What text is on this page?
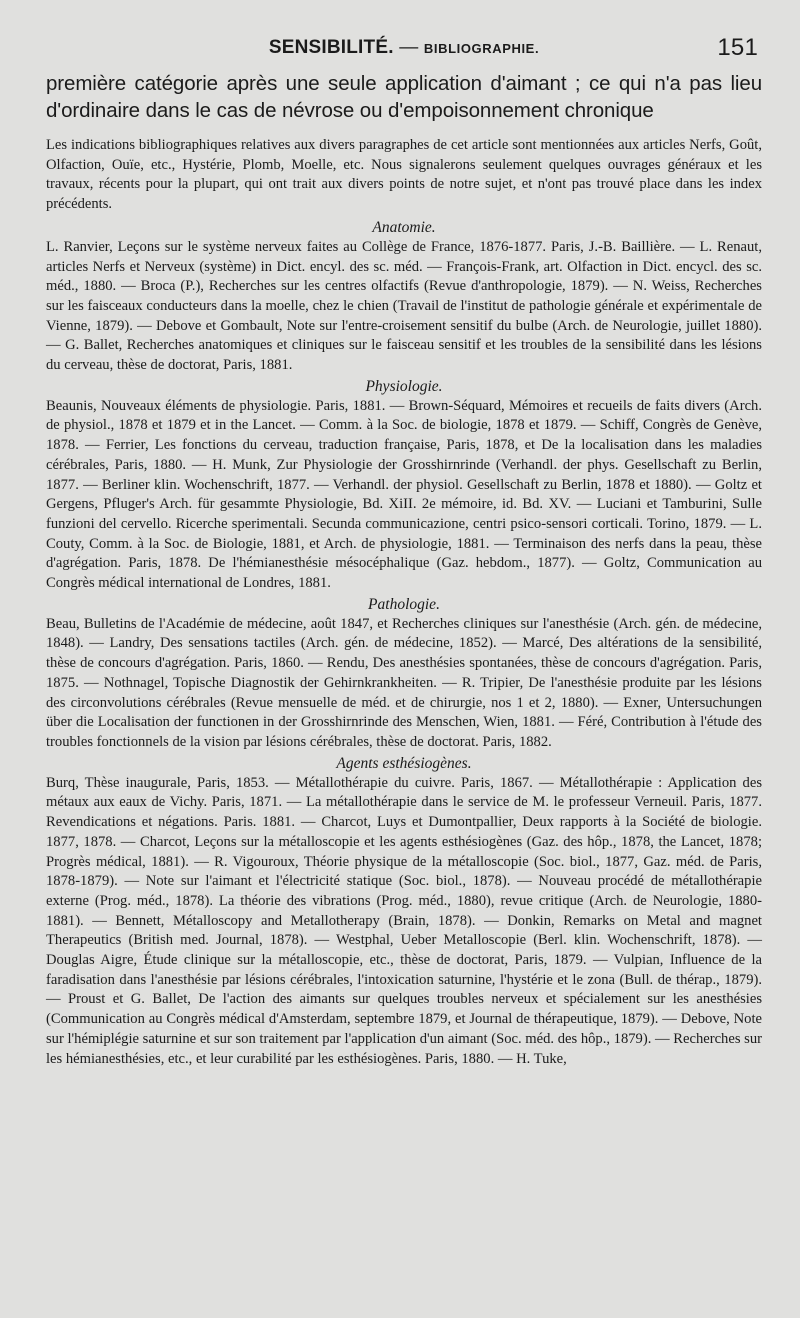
SENSIBILITÉ. — BIBLIOGRAPHIE.	151

première catégorie après une seule application d'aimant ; ce qui n'a pas lieu d'ordinaire dans le cas de névrose ou d'empoisonnement chronique

Les indications bibliographiques relatives aux divers paragraphes de cet article sont mentionnées aux articles Nerfs, Goût, Olfaction, Ouïe, etc., Hystérie, Plomb, Moelle, etc. Nous signalerons seulement quelques ouvrages généraux et les travaux, récents pour la plupart, qui ont trait aux divers points de notre sujet, et n'ont pas trouvé place dans les index précédents.

Anatomie.

L. Ranvier, Leçons sur le système nerveux faites au Collège de France, 1876-1877. Paris, J.-B. Baillière. — L. Renaut, articles Nerfs et Nerveux (système) in Dict. encyl. des sc. méd. — François-Frank, art. Olfaction in Dict. encycl. des sc. méd., 1880. — Broca (P.), Recherches sur les centres olfactifs (Revue d'anthropologie, 1879). — N. Weiss, Recherches sur les faisceaux conducteurs dans la moelle, chez le chien (Travail de l'institut de pathologie générale et expérimentale de Vienne, 1879). — Debove et Gombault, Note sur l'entre-croisement sensitif du bulbe (Arch. de Neurologie, juillet 1880). — G. Ballet, Recherches anatomiques et cliniques sur le faisceau sensitif et les troubles de la sensibilité dans les lésions du cerveau, thèse de doctorat, Paris, 1881.

Physiologie.

Beaunis, Nouveaux éléments de physiologie. Paris, 1881. — Brown-Séquard, Mémoires et recueils de faits divers (Arch. de physiol., 1878 et 1879 et in the Lancet. — Comm. à la Soc. de biologie, 1878 et 1879. — Schiff, Congrès de Genève, 1878. — Ferrier, Les fonctions du cerveau, traduction française, Paris, 1878, et De la localisation dans les maladies cérébrales, Paris, 1880. — H. Munk, Zur Physiologie der Grosshirnrinde (Verhandl. der phys. Gesellschaft zu Berlin, 1877. — Berliner klin. Wochenschrift, 1877. — Verhandl. der physiol. Gesellschaft zu Berlin, 1878 et 1880). — Goltz et Gergens, Pfluger's Arch. für gesammte Physiologie, Bd. XiII. 2e mémoire, id. Bd. XV. — Luciani et Tamburini, Sulle funzioni del cervello. Ricerche sperimentali. Secunda communicazione, centri psico-sensori corticali. Torino, 1879. — L. Couty, Comm. à la Soc. de Biologie, 1881, et Arch. de physiologie, 1881. — Terminaison des nerfs dans la peau, thèse d'agrégation. Paris, 1878. De l'hémianesthésie mésocéphalique (Gaz. hebdom., 1877). — Goltz, Communication au Congrès médical international de Londres, 1881.

Pathologie.

Beau, Bulletins de l'Académie de médecine, août 1847, et Recherches cliniques sur l'anesthésie (Arch. gén. de médecine, 1848). — Landry, Des sensations tactiles (Arch. gén. de médecine, 1852). — Marcé, Des altérations de la sensibilité, thèse de concours d'agrégation. Paris, 1860. — Rendu, Des anesthésies spontanées, thèse de concours d'agrégation. Paris, 1875. — Nothnagel, Topische Diagnostik der Gehirnkrankheiten. — R. Tripier, De l'anesthésie produite par les lésions des circonvolutions cérébrales (Revue mensuelle de méd. et de chirurgie, nos 1 et 2, 1880). — Exner, Untersuchungen über die Localisation der functionen in der Grosshirnrinde des Menschen, Wien, 1881. — Féré, Contribution à l'étude des troubles fonctionnels de la vision par lésions cérébrales, thèse de doctorat. Paris, 1882.

Agents esthésiogènes.

Burq, Thèse inaugurale, Paris, 1853. — Métallothérapie du cuivre. Paris, 1867. — Métallothérapie : Application des métaux aux eaux de Vichy. Paris, 1871. — La métallothérapie dans le service de M. le professeur Verneuil. Paris, 1877. Revendications et négations. Paris. 1881. — Charcot, Luys et Dumontpallier, Deux rapports à la Société de biologie. 1877, 1878. — Charcot, Leçons sur la métalloscopie et les agents esthésiogènes (Gaz. des hôp., 1878, the Lancet, 1878; Progrès médical, 1881). — R. Vigouroux, Théorie physique de la métalloscopie (Soc. biol., 1877, Gaz. méd. de Paris, 1878-1879). — Note sur l'aimant et l'électricité statique (Soc. biol., 1878). — Nouveau procédé de métallothérapie externe (Prog. méd., 1878). La théorie des vibrations (Prog. méd., 1880), revue critique (Arch. de Neurologie, 1880-1881). — Bennett, Métalloscopy and Metallotherapy (Brain, 1878). — Donkin, Remarks on Metal and magnet Therapeutics (British med. Journal, 1878). — Westphal, Ueber Metalloscopie (Berl. klin. Wochenschrift, 1878). — Douglas Aigre, Étude clinique sur la métalloscopie, etc., thèse de doctorat, Paris, 1879. — Vulpian, Influence de la faradisation dans l'anesthésie par lésions cérébrales, l'intoxication saturnine, l'hystérie et le zona (Bull. de thérap., 1879). — Proust et G. Ballet, De l'action des aimants sur quelques troubles nerveux et spécialement sur les anesthésies (Communication au Congrès médical d'Amsterdam, septembre 1879, et Journal de thérapeutique, 1879). — Debove, Note sur l'hémiplégie saturnine et sur son traitement par l'application d'un aimant (Soc. méd. des hôp., 1879). — Recherches sur les hémianesthésies, etc., et leur curabilité par les esthésiogènes. Paris, 1880. — H. Tuke,
